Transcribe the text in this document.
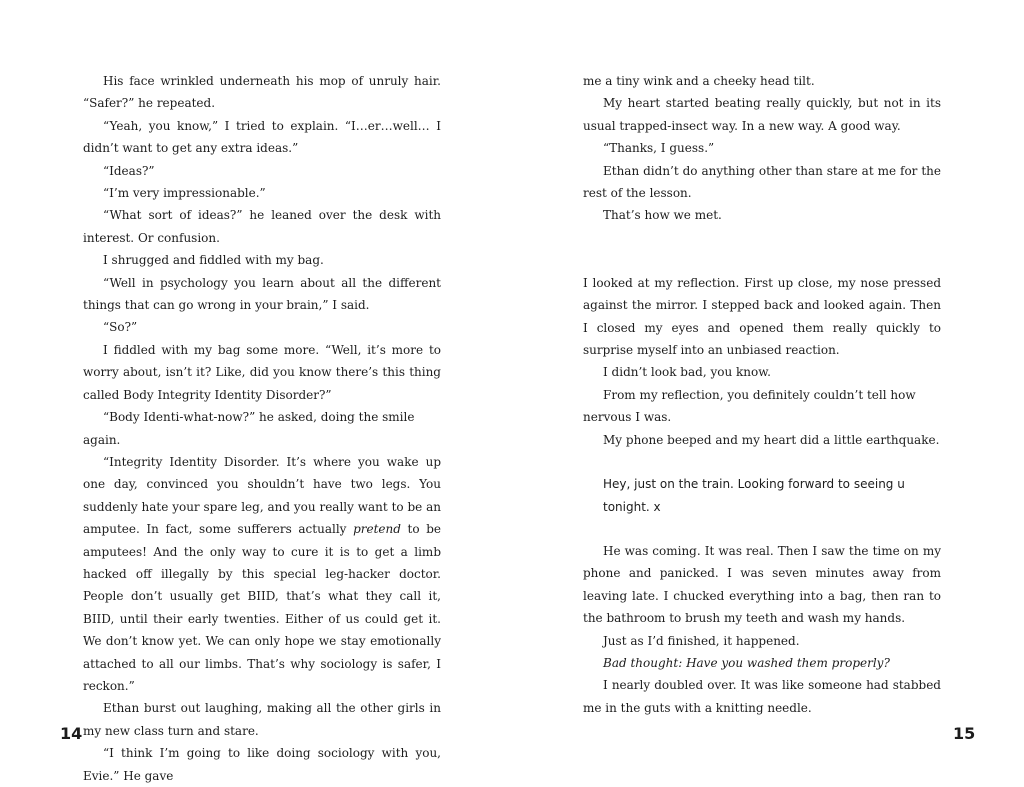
His face wrinkled underneath his mop of unruly hair. “Safer?” he repeated.

“Yeah, you know,” I tried to explain. “I…er…well… I didn’t want to get any extra ideas.”

“Ideas?”

“I’m very impressionable.”

“What sort of ideas?” he leaned over the desk with interest. Or confusion.

I shrugged and fiddled with my bag.

“Well in psychology you learn about all the different things that can go wrong in your brain,” I said.

“So?”

I fiddled with my bag some more. “Well, it’s more to worry about, isn’t it? Like, did you know there’s this thing called Body Integrity Identity Disorder?”

“Body Identi-what-now?” he asked, doing the smile again.

“Integrity Identity Disorder. It’s where you wake up one day, convinced you shouldn’t have two legs. You suddenly hate your spare leg, and you really want to be an amputee. In fact, some sufferers actually pretend to be amputees! And the only way to cure it is to get a limb hacked off illegally by this special leg-hacker doctor. People don’t usually get BIID, that’s what they call it, BIID, until their early twenties. Either of us could get it. We don’t know yet. We can only hope we stay emotionally attached to all our limbs. That’s why sociology is safer, I reckon.”

Ethan burst out laughing, making all the other girls in my new class turn and stare.

“I think I’m going to like doing sociology with you, Evie.” He gave

14

me a tiny wink and a cheeky head tilt.

My heart started beating really quickly, but not in its usual trapped-insect way. In a new way. A good way.

“Thanks, I guess.”

Ethan didn’t do anything other than stare at me for the rest of the lesson.

That’s how we met.

I looked at my reflection. First up close, my nose pressed against the mirror. I stepped back and looked again. Then I closed my eyes and opened them really quickly to surprise myself into an unbiased reaction.

I didn’t look bad, you know.

From my reflection, you definitely couldn’t tell how nervous I was.

My phone beeped and my heart did a little earthquake.

Hey, just on the train. Looking forward to seeing u

tonight. x

He was coming. It was real. Then I saw the time on my phone and panicked. I was seven minutes away from leaving late. I chucked everything into a bag, then ran to the bathroom to brush my teeth and wash my hands.

Just as I’d finished, it happened.

Bad thought: Have you washed them properly?

I nearly doubled over. It was like someone had stabbed me in the guts with a knitting needle.

15
